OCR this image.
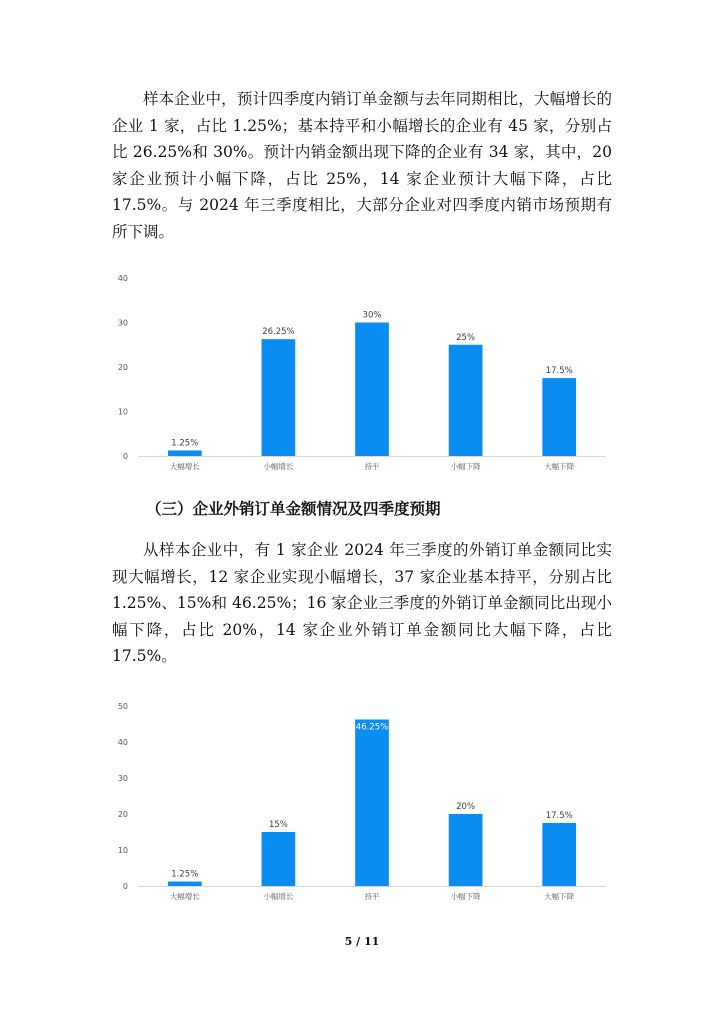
样本企业中，预计四季度内销订单金额与去年同期相比，大幅增长的企业 1 家，占比 1.25%；基本持平和小幅增长的企业有 45 家，分别占比 26.25%和 30%。预计内销金额出现下降的企业有 34 家，其中，20 家企业预计小幅下降，占比 25%，14 家企业预计大幅下降，占比 17.5%。与 2024 年三季度相比，大部分企业对四季度内销市场预期有所下调。

0
10
20
30
40
1.25%
大幅增长
26.25%
小幅增长
30%
持平
25%
小幅下降
17.5%
大幅下降

（三）企业外销订单金额情况及四季度预期

从样本企业中，有 1 家企业 2024 年三季度的外销订单金额同比实现大幅增长，12 家企业实现小幅增长，37 家企业基本持平，分别占比 1.25%、15%和 46.25%；16 家企业三季度的外销订单金额同比出现小幅下降，占比 20%，14 家企业外销订单金额同比大幅下降，占比 17.5%。

0
10
20
30
40
50
1.25%
大幅增长
15%
小幅增长
46.25%
持平
20%
小幅下降
17.5%
大幅下降
5 / 11
